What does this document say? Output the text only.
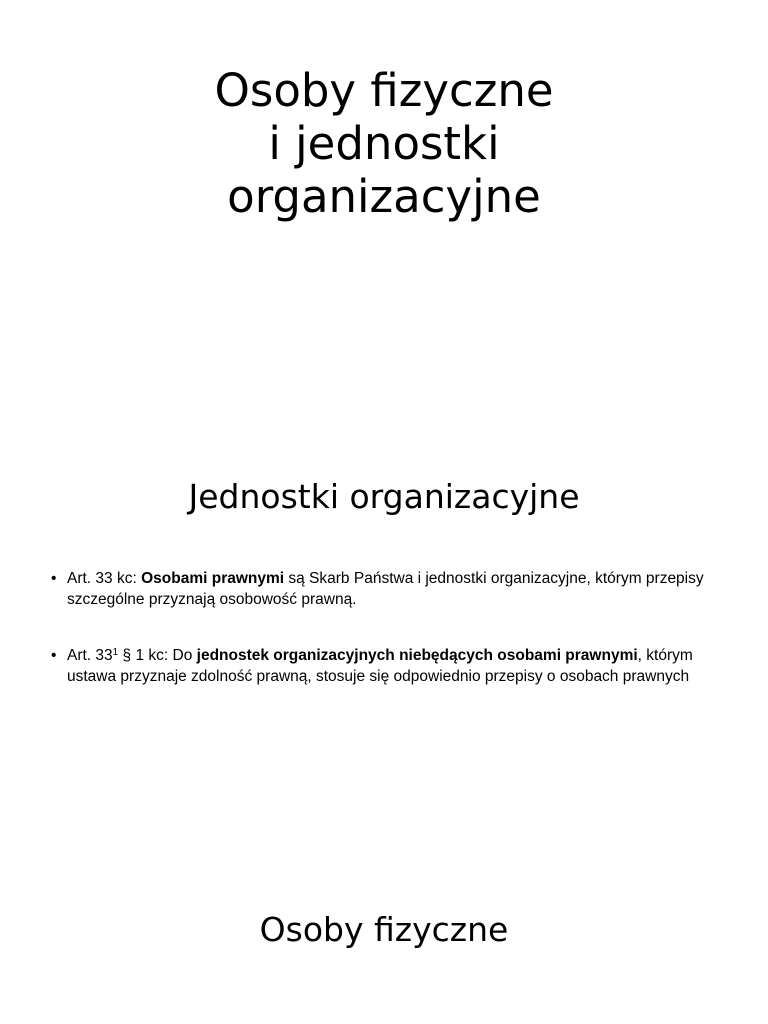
Osoby fizyczne
i jednostki
organizacyjne
Jednostki organizacyjne
• Art. 33 kc: Osobami prawnymi są Skarb Państwa i jednostki organizacyjne, którym przepisy szczególne przyznają osobowość prawną.
• Art. $33^1$ § 1 kc: Do jednostek organizacyjnych niebędących osobami prawnymi, którym ustawa przyznaje zdolność prawną, stosuje się odpowiednio przepisy o osobach prawnych
Osoby fizyczne
